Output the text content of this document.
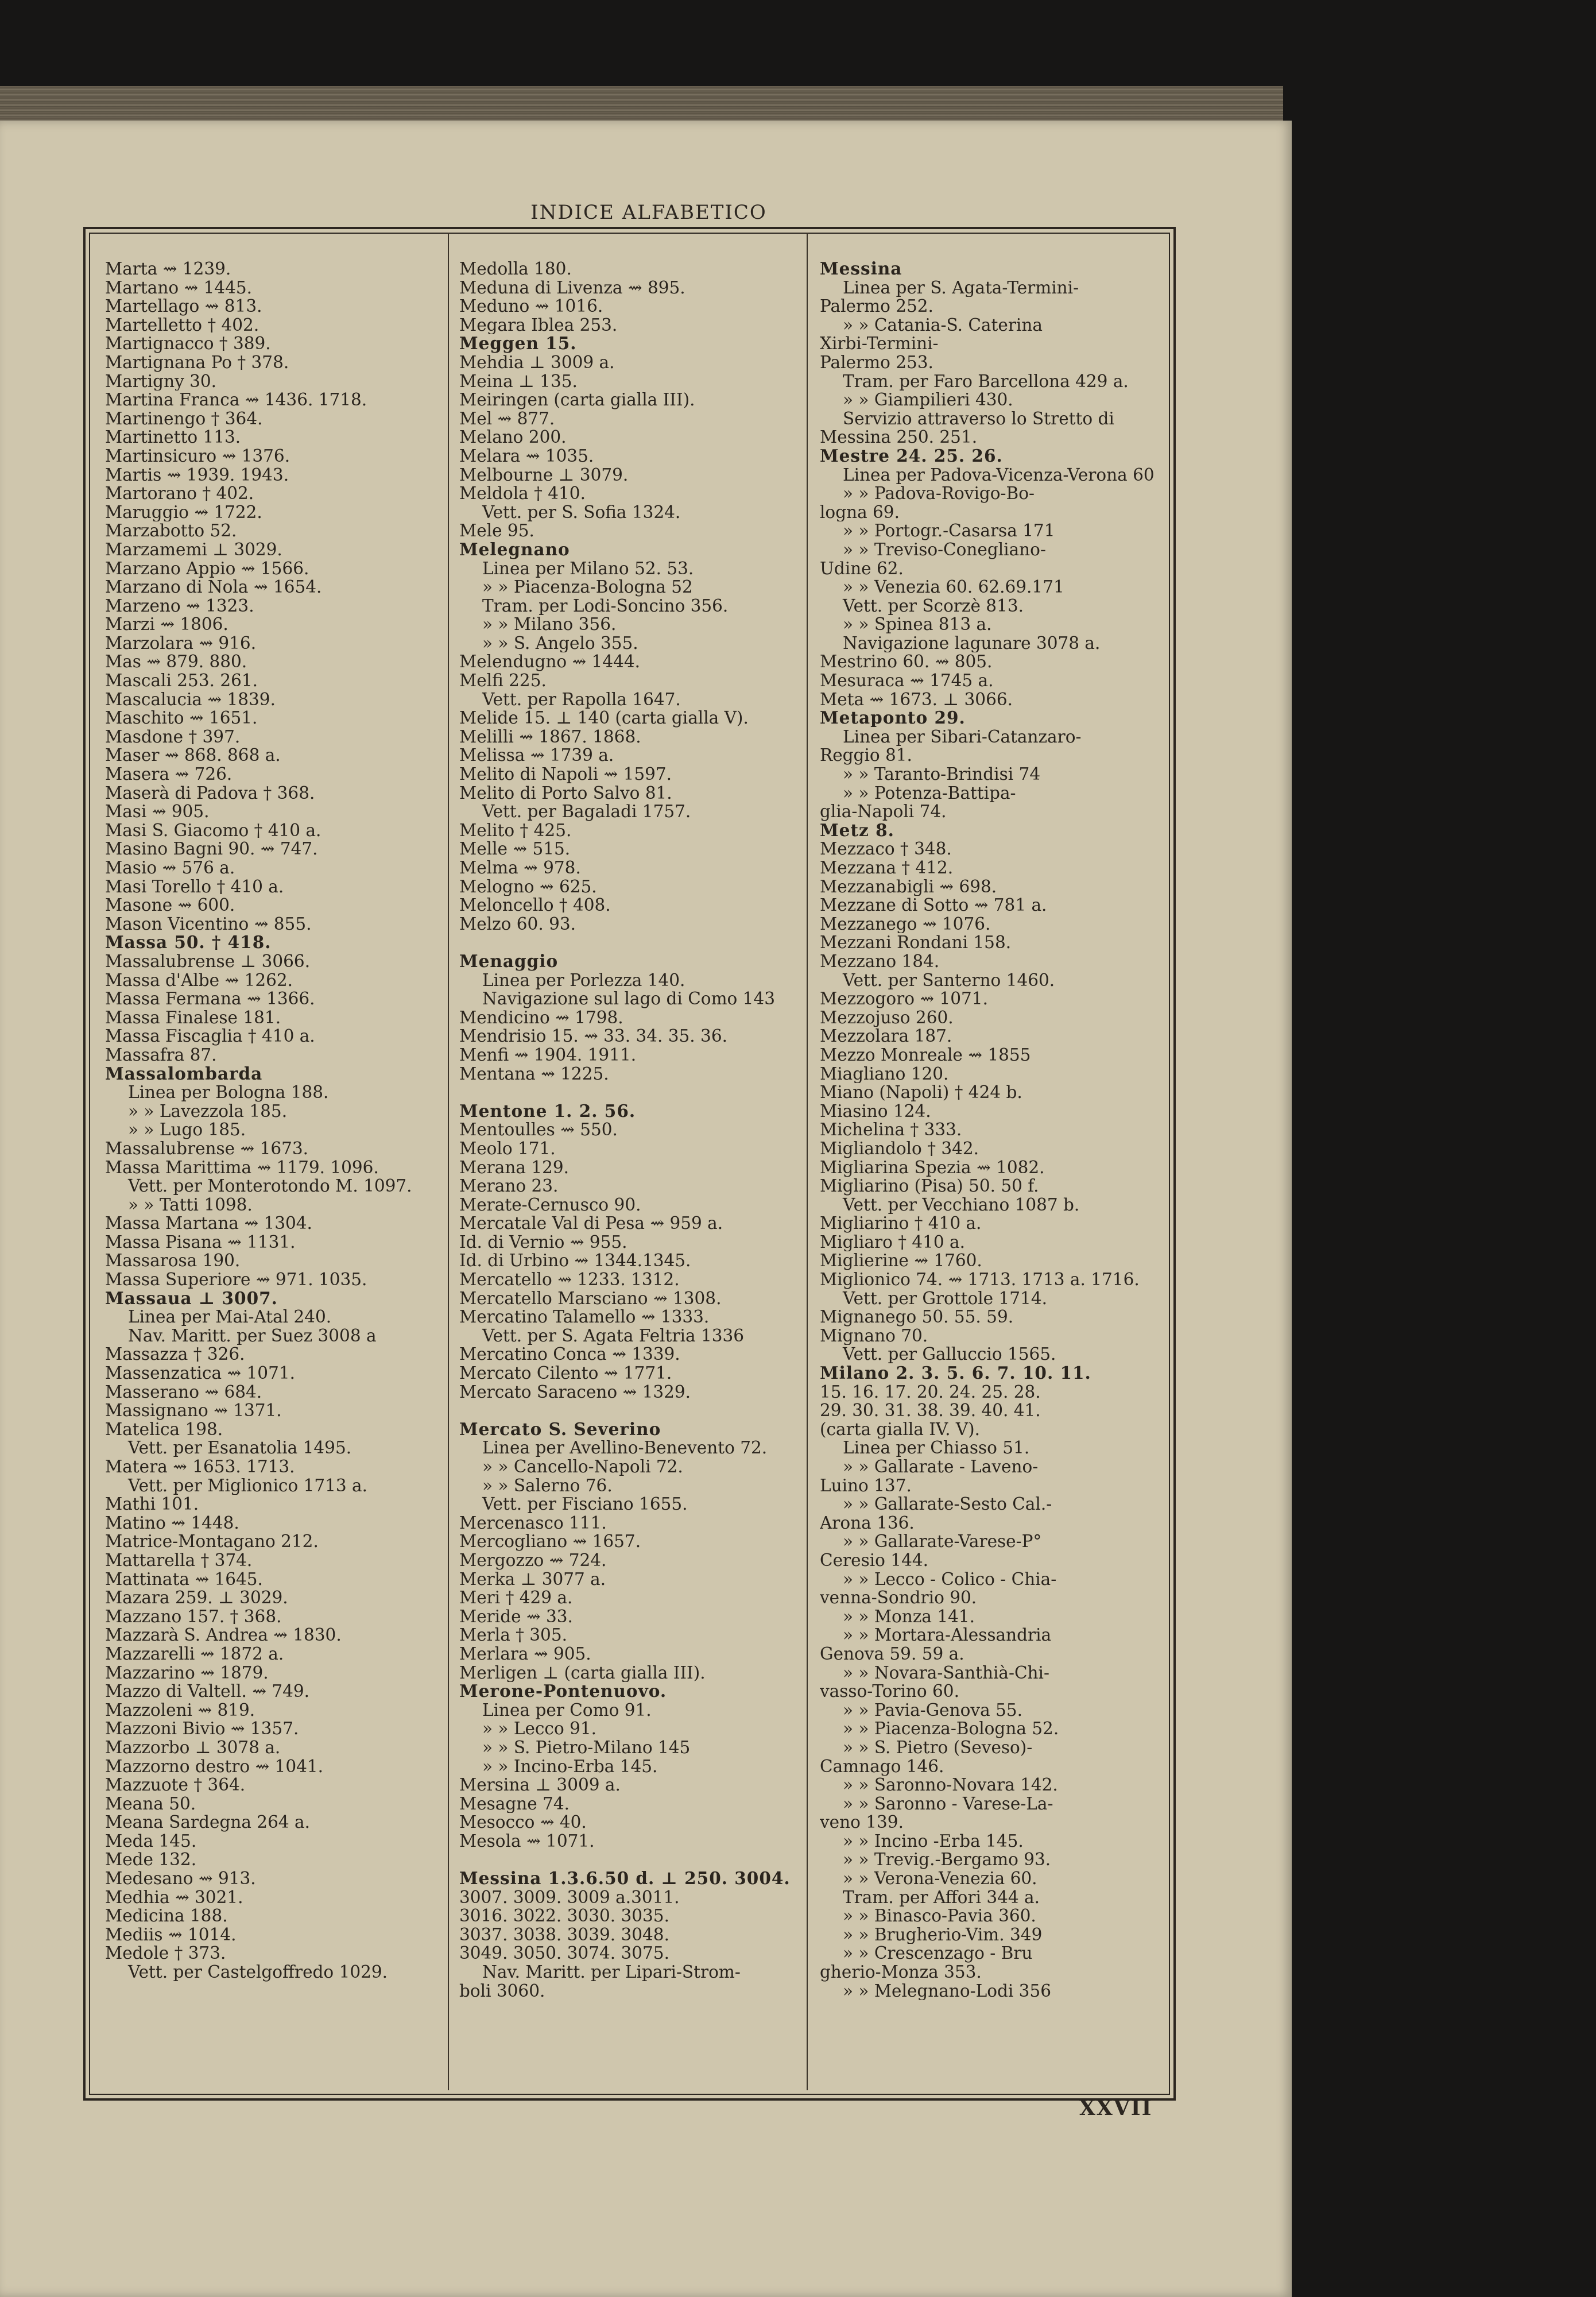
INDICE ALFABETICO
Marta ⇝ 1239.
Martano ⇝ 1445.
Martellago ⇝ 813.
Martelletto † 402.
Martignacco † 389.
Martignana Po † 378.
Martigny 30.
Martina Franca ⇝ 1436. 1718.
Martinengo † 364.
Martinetto 113.
Martinsicuro ⇝ 1376.
Martis ⇝ 1939. 1943.
Martorano † 402.
Maruggio ⇝ 1722.
Marzabotto 52.
Marzamemi ⊥ 3029.
Marzano Appio ⇝ 1566.
Marzano di Nola ⇝ 1654.
Marzeno ⇝ 1323.
Marzi ⇝ 1806.
Marzolara ⇝ 916.
Mas ⇝ 879. 880.
Mascali 253. 261.
Mascalucia ⇝ 1839.
Maschito ⇝ 1651.
Masdone † 397.
Maser ⇝ 868. 868 a.
Masera ⇝ 726.
Maserà di Padova † 368.
Masi ⇝ 905.
Masi S. Giacomo † 410 a.
Masino Bagni 90. ⇝ 747.
Masio ⇝ 576 a.
Masi Torello † 410 a.
Masone ⇝ 600.
Mason Vicentino ⇝ 855.
Massa 50. † 418.
Massalubrense ⊥ 3066.
Massa d'Albe ⇝ 1262.
Massa Fermana ⇝ 1366.
Massa Finalese 181.
Massa Fiscaglia † 410 a.
Massafra 87.
Massalombarda
Linea per Bologna 188.
» » Lavezzola 185.
» » Lugo 185.
Massalubrense ⇝ 1673.
Massa Marittima ⇝ 1179. 1096.
Vett. per Monterotondo M. 1097.
» » Tatti 1098.
Massa Martana ⇝ 1304.
Massa Pisana ⇝ 1131.
Massarosa 190.
Massa Superiore ⇝ 971. 1035.
Massaua ⊥ 3007.
Linea per Mai-Atal 240.
Nav. Maritt. per Suez 3008 a
Massazza † 326.
Massenzatica ⇝ 1071.
Masserano ⇝ 684.
Massignano ⇝ 1371.
Matelica 198.
Vett. per Esanatolia 1495.
Matera ⇝ 1653. 1713.
Vett. per Miglionico 1713 a.
Mathi 101.
Matino ⇝ 1448.
Matrice-Montagano 212.
Mattarella † 374.
Mattinata ⇝ 1645.
Mazara 259. ⊥ 3029.
Mazzano 157. † 368.
Mazzarà S. Andrea ⇝ 1830.
Mazzarelli ⇝ 1872 a.
Mazzarino ⇝ 1879.
Mazzo di Valtell. ⇝ 749.
Mazzoleni ⇝ 819.
Mazzoni Bivio ⇝ 1357.
Mazzorbo ⊥ 3078 a.
Mazzorno destro ⇝ 1041.
Mazzuote † 364.
Meana 50.
Meana Sardegna 264 a.
Meda 145.
Mede 132.
Medesano ⇝ 913.
Medhia ⇝ 3021.
Medicina 188.
Mediis ⇝ 1014.
Medole † 373.
Vett. per Castelgoffredo 1029.
Medolla 180.
Meduna di Livenza ⇝ 895.
Meduno ⇝ 1016.
Megara Iblea 253.
Meggen 15.
Mehdia ⊥ 3009 a.
Meina ⊥ 135.
Meiringen (carta gialla III).
Mel ⇝ 877.
Melano 200.
Melara ⇝ 1035.
Melbourne ⊥ 3079.
Meldola † 410.
Vett. per S. Sofia 1324.
Mele 95.
Melegnano
Linea per Milano 52. 53.
» » Piacenza-Bologna 52
Tram. per Lodi-Soncino 356.
» » Milano 356.
» » S. Angelo 355.
Melendugno ⇝ 1444.
Melfi 225.
Vett. per Rapolla 1647.
Melide 15. ⊥ 140 (carta gialla V).
Melilli ⇝ 1867. 1868.
Melissa ⇝ 1739 a.
Melito di Napoli ⇝ 1597.
Melito di Porto Salvo 81.
Vett. per Bagaladi 1757.
Melito † 425.
Melle ⇝ 515.
Melma ⇝ 978.
Melogno ⇝ 625.
Meloncello † 408.
Melzo 60. 93.
Menaggio
Linea per Porlezza 140.
Navigazione sul lago di Como 143
Mendicino ⇝ 1798.
Mendrisio 15. ⇝ 33. 34. 35. 36.
Menfi ⇝ 1904. 1911.
Mentana ⇝ 1225.
Mentone 1. 2. 56.
Mentoulles ⇝ 550.
Meolo 171.
Merana 129.
Merano 23.
Merate-Cernusco 90.
Mercatale Val di Pesa ⇝ 959 a.
Id. di Vernio ⇝ 955.
Id. di Urbino ⇝ 1344.1345.
Mercatello ⇝ 1233. 1312.
Mercatello Marsciano ⇝ 1308.
Mercatino Talamello ⇝ 1333.
Vett. per S. Agata Feltria 1336
Mercatino Conca ⇝ 1339.
Mercato Cilento ⇝ 1771.
Mercato Saraceno ⇝ 1329.
Mercato S. Severino
Linea per Avellino-Benevento 72.
» » Cancello-Napoli 72.
» » Salerno 76.
Vett. per Fisciano 1655.
Mercenasco 111.
Mercogliano ⇝ 1657.
Mergozzo ⇝ 724.
Merka ⊥ 3077 a.
Meri † 429 a.
Meride ⇝ 33.
Merla † 305.
Merlara ⇝ 905.
Merligen ⊥ (carta gialla III).
Merone-Pontenuovo.
Linea per Como 91.
» » Lecco 91.
» » S. Pietro-Milano 145
» » Incino-Erba 145.
Mersina ⊥ 3009 a.
Mesagne 74.
Mesocco ⇝ 40.
Mesola ⇝ 1071.
Messina 1.3.6.50 d. ⊥ 250. 3004.
3007. 3009. 3009 a.3011.
3016. 3022. 3030. 3035.
3037. 3038. 3039. 3048.
3049. 3050. 3074. 3075.
Nav. Maritt. per Lipari-Strom-
boli 3060.
Messina
Linea per S. Agata-Termini-
Palermo 252.
» » Catania-S. Caterina
Xirbi-Termini-
Palermo 253.
Tram. per Faro Barcellona 429 a.
» » Giampilieri 430.
Servizio attraverso lo Stretto di
Messina 250. 251.
Mestre 24. 25. 26.
Linea per Padova-Vicenza-Verona 60
» » Padova-Rovigo-Bo-
logna 69.
» » Portogr.-Casarsa 171
» » Treviso-Conegliano-
Udine 62.
» » Venezia 60. 62.69.171
Vett. per Scorzè 813.
» » Spinea 813 a.
Navigazione lagunare 3078 a.
Mestrino 60. ⇝ 805.
Mesuraca ⇝ 1745 a.
Meta ⇝ 1673. ⊥ 3066.
Metaponto 29.
Linea per Sibari-Catanzaro-
Reggio 81.
» » Taranto-Brindisi 74
» » Potenza-Battipa-
glia-Napoli 74.
Metz 8.
Mezzaco † 348.
Mezzana † 412.
Mezzanabigli ⇝ 698.
Mezzane di Sotto ⇝ 781 a.
Mezzanego ⇝ 1076.
Mezzani Rondani 158.
Mezzano 184.
Vett. per Santerno 1460.
Mezzogoro ⇝ 1071.
Mezzojuso 260.
Mezzolara 187.
Mezzo Monreale ⇝ 1855
Miagliano 120.
Miano (Napoli) † 424 b.
Miasino 124.
Michelina † 333.
Migliandolo † 342.
Migliarina Spezia ⇝ 1082.
Migliarino (Pisa) 50. 50 f.
Vett. per Vecchiano 1087 b.
Migliarino † 410 a.
Migliaro † 410 a.
Miglierine ⇝ 1760.
Miglionico 74. ⇝ 1713. 1713 a. 1716.
Vett. per Grottole 1714.
Mignanego 50. 55. 59.
Mignano 70.
Vett. per Galluccio 1565.
Milano 2. 3. 5. 6. 7. 10. 11.
15. 16. 17. 20. 24. 25. 28.
29. 30. 31. 38. 39. 40. 41.
(carta gialla IV. V).
Linea per Chiasso 51.
» » Gallarate - Laveno-
Luino 137.
» » Gallarate-Sesto Cal.-
Arona 136.
» » Gallarate-Varese-P°
Ceresio 144.
» » Lecco - Colico - Chia-
venna-Sondrio 90.
» » Monza 141.
» » Mortara-Alessandria
Genova 59. 59 a.
» » Novara-Santhià-Chi-
vasso-Torino 60.
» » Pavia-Genova 55.
» » Piacenza-Bologna 52.
» » S. Pietro (Seveso)-
Camnago 146.
» » Saronno-Novara 142.
» » Saronno - Varese-La-
veno 139.
» » Incino -Erba 145.
» » Trevig.-Bergamo 93.
» » Verona-Venezia 60.
Tram. per Affori 344 a.
» » Binasco-Pavia 360.
» » Brugherio-Vim. 349
» » Crescenzago - Bru
gherio-Monza 353.
» » Melegnano-Lodi 356
XXVII
